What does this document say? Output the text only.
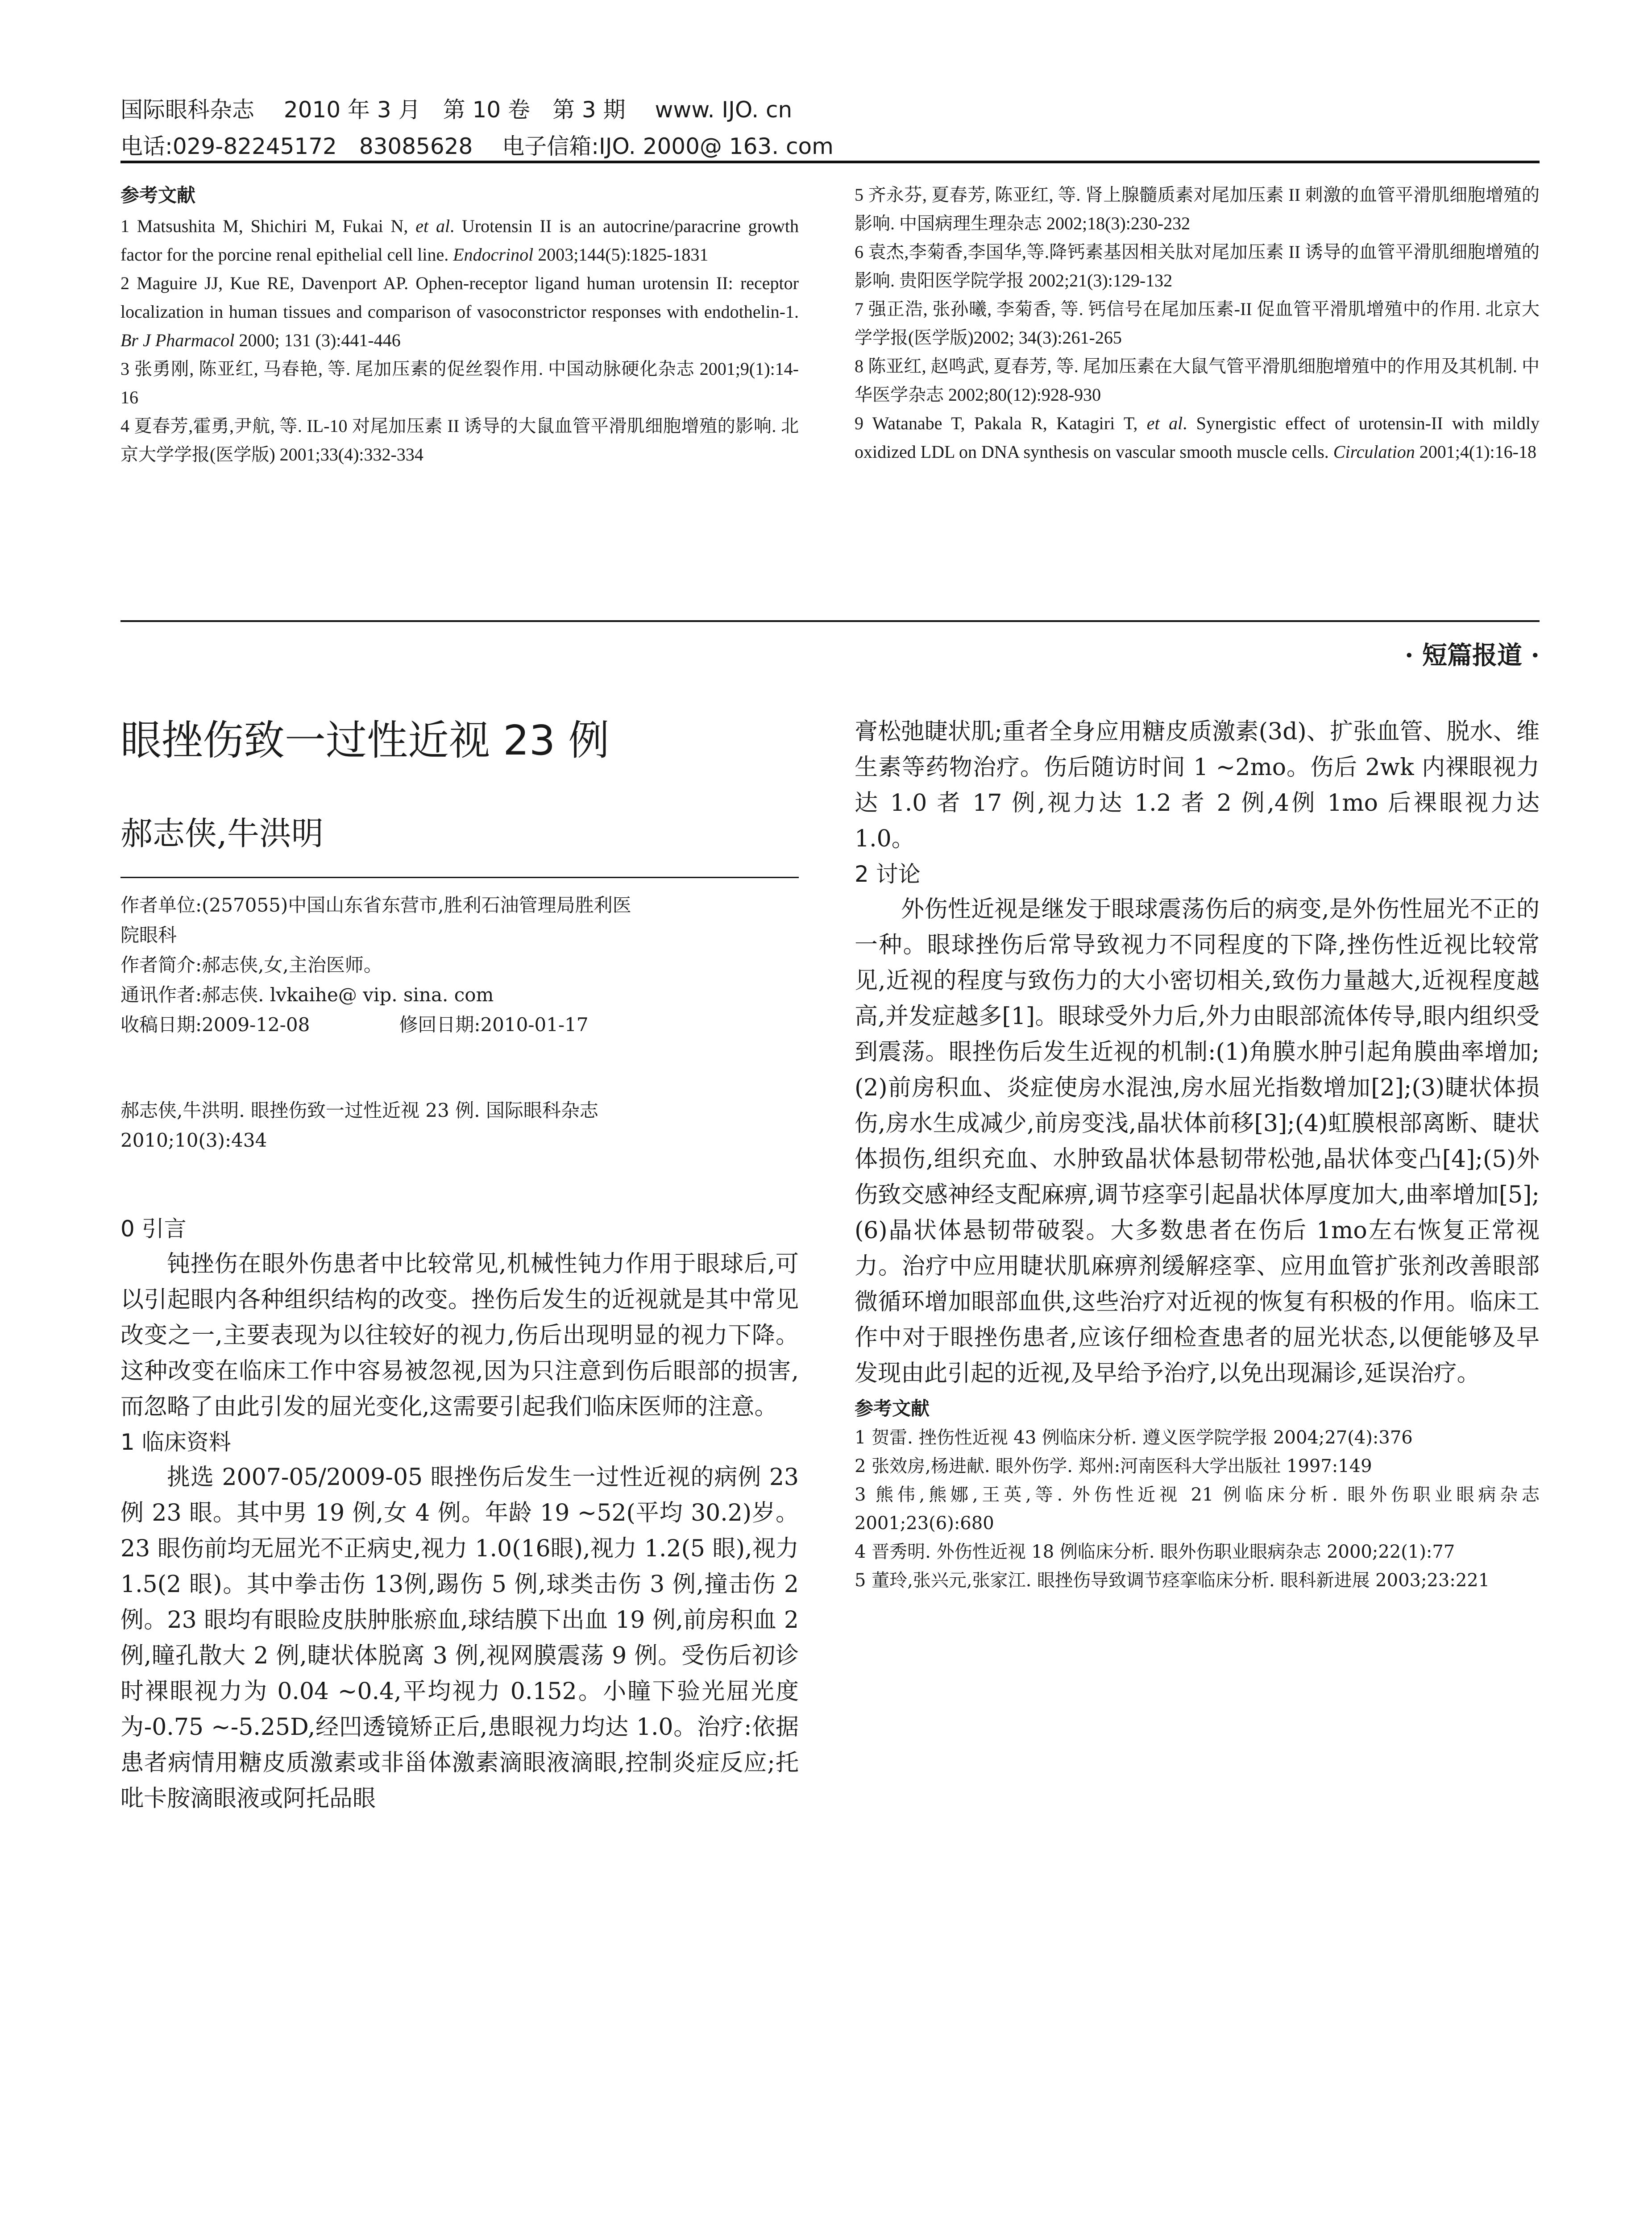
国际眼科杂志　 2010 年 3 月　第 10 卷　第 3 期　 www. IJO. cn
电话:029-82245172　83085628　 电子信箱:IJO. 2000@ 163. com
参考文献

1 Matsushita M, Shichiri M, Fukai N, et al. Urotensin II is an autocrine/paracrine growth factor for the porcine renal epithelial cell line. Endocrinol 2003;144(5):1825-1831

2 Maguire JJ, Kue RE, Davenport AP. Ophen-receptor ligand human urotensin II: receptor localization in human tissues and comparison of vasoconstrictor responses with endothelin-1. Br J Pharmacol 2000; 131 (3):441-446

3 张勇刚, 陈亚红, 马春艳, 等. 尾加压素的促丝裂作用. 中国动脉硬化杂志 2001;9(1):14-16

4 夏春芳,霍勇,尹航, 等. IL-10 对尾加压素 II 诱导的大鼠血管平滑肌细胞增殖的影响. 北京大学学报(医学版) 2001;33(4):332-334

5 齐永芬, 夏春芳, 陈亚红, 等. 肾上腺髓质素对尾加压素 II 刺激的血管平滑肌细胞增殖的影响. 中国病理生理杂志 2002;18(3):230-232

6 袁杰,李菊香,李国华,等.降钙素基因相关肽对尾加压素 II 诱导的血管平滑肌细胞增殖的影响. 贵阳医学院学报 2002;21(3):129-132

7 强正浩, 张孙曦, 李菊香, 等. 钙信号在尾加压素-II 促血管平滑肌增殖中的作用. 北京大学学报(医学版)2002; 34(3):261-265

8 陈亚红, 赵鸣武, 夏春芳, 等. 尾加压素在大鼠气管平滑肌细胞增殖中的作用及其机制. 中华医学杂志 2002;80(12):928-930

9 Watanabe T, Pakala R, Katagiri T, et al. Synergistic effect of urotensin-II with mildly oxidized LDL on DNA synthesis on vascular smooth muscle cells. Circulation 2001;4(1):16-18

· 短篇报道 ·
眼挫伤致一过性近视 23 例
郝志侠,牛洪明

作者单位:(257055)中国山东省东营市,胜利石油管理局胜利医

院眼科

作者简介:郝志侠,女,主治医师。

通讯作者:郝志侠. lvkaihe@ vip. sina. com

收稿日期:2009-12-08	修回日期:2010-01-17

郝志侠,牛洪明. 眼挫伤致一过性近视 23 例. 国际眼科杂志

2010;10(3):434

0 引言

钝挫伤在眼外伤患者中比较常见,机械性钝力作用于眼球后,可以引起眼内各种组织结构的改变。挫伤后发生的近视就是其中常见改变之一,主要表现为以往较好的视力,伤后出现明显的视力下降。这种改变在临床工作中容易被忽视,因为只注意到伤后眼部的损害,而忽略了由此引发的屈光变化,这需要引起我们临床医师的注意。

1 临床资料

挑选 2007-05/2009-05 眼挫伤后发生一过性近视的病例 23 例 23 眼。其中男 19 例,女 4 例。年龄 19 ~52(平均 30.2)岁。23 眼伤前均无屈光不正病史,视力 1.0(16眼),视力 1.2(5 眼),视力 1.5(2 眼)。其中拳击伤 13例,踢伤 5 例,球类击伤 3 例,撞击伤 2 例。23 眼均有眼睑皮肤肿胀瘀血,球结膜下出血 19 例,前房积血 2 例,瞳孔散大 2 例,睫状体脱离 3 例,视网膜震荡 9 例。受伤后初诊时裸眼视力为 0.04 ~0.4,平均视力 0.152。小瞳下验光屈光度为-0.75 ~-5.25D,经凹透镜矫正后,患眼视力均达 1.0。治疗:依据患者病情用糖皮质激素或非甾体激素滴眼液滴眼,控制炎症反应;托吡卡胺滴眼液或阿托品眼

膏松弛睫状肌;重者全身应用糖皮质激素(3d)、扩张血管、脱水、维生素等药物治疗。伤后随访时间 1 ~2mo。伤后 2wk 内裸眼视力达 1.0 者 17 例,视力达 1.2 者 2 例,4例 1mo 后裸眼视力达 1.0。

2 讨论

外伤性近视是继发于眼球震荡伤后的病变,是外伤性屈光不正的一种。眼球挫伤后常导致视力不同程度的下降,挫伤性近视比较常见,近视的程度与致伤力的大小密切相关,致伤力量越大,近视程度越高,并发症越多[1]。眼球受外力后,外力由眼部流体传导,眼内组织受到震荡。眼挫伤后发生近视的机制:(1)角膜水肿引起角膜曲率增加;(2)前房积血、炎症使房水混浊,房水屈光指数增加[2];(3)睫状体损伤,房水生成减少,前房变浅,晶状体前移[3];(4)虹膜根部离断、睫状体损伤,组织充血、水肿致晶状体悬韧带松弛,晶状体变凸[4];(5)外伤致交感神经支配麻痹,调节痉挛引起晶状体厚度加大,曲率增加[5];(6)晶状体悬韧带破裂。大多数患者在伤后 1mo左右恢复正常视力。治疗中应用睫状肌麻痹剂缓解痉挛、应用血管扩张剂改善眼部微循环增加眼部血供,这些治疗对近视的恢复有积极的作用。临床工作中对于眼挫伤患者,应该仔细检查患者的屈光状态,以便能够及早发现由此引起的近视,及早给予治疗,以免出现漏诊,延误治疗。

参考文献

1 贺雷. 挫伤性近视 43 例临床分析. 遵义医学院学报 2004;27(4):376

2 张效房,杨进献. 眼外伤学. 郑州:河南医科大学出版社 1997:149

3 熊伟,熊娜,王英,等. 外伤性近视 21 例临床分析. 眼外伤职业眼病杂志 2001;23(6):680

4 晋秀明. 外伤性近视 18 例临床分析. 眼外伤职业眼病杂志 2000;22(1):77

5 董玲,张兴元,张家江. 眼挫伤导致调节痉挛临床分析. 眼科新进展 2003;23:221
